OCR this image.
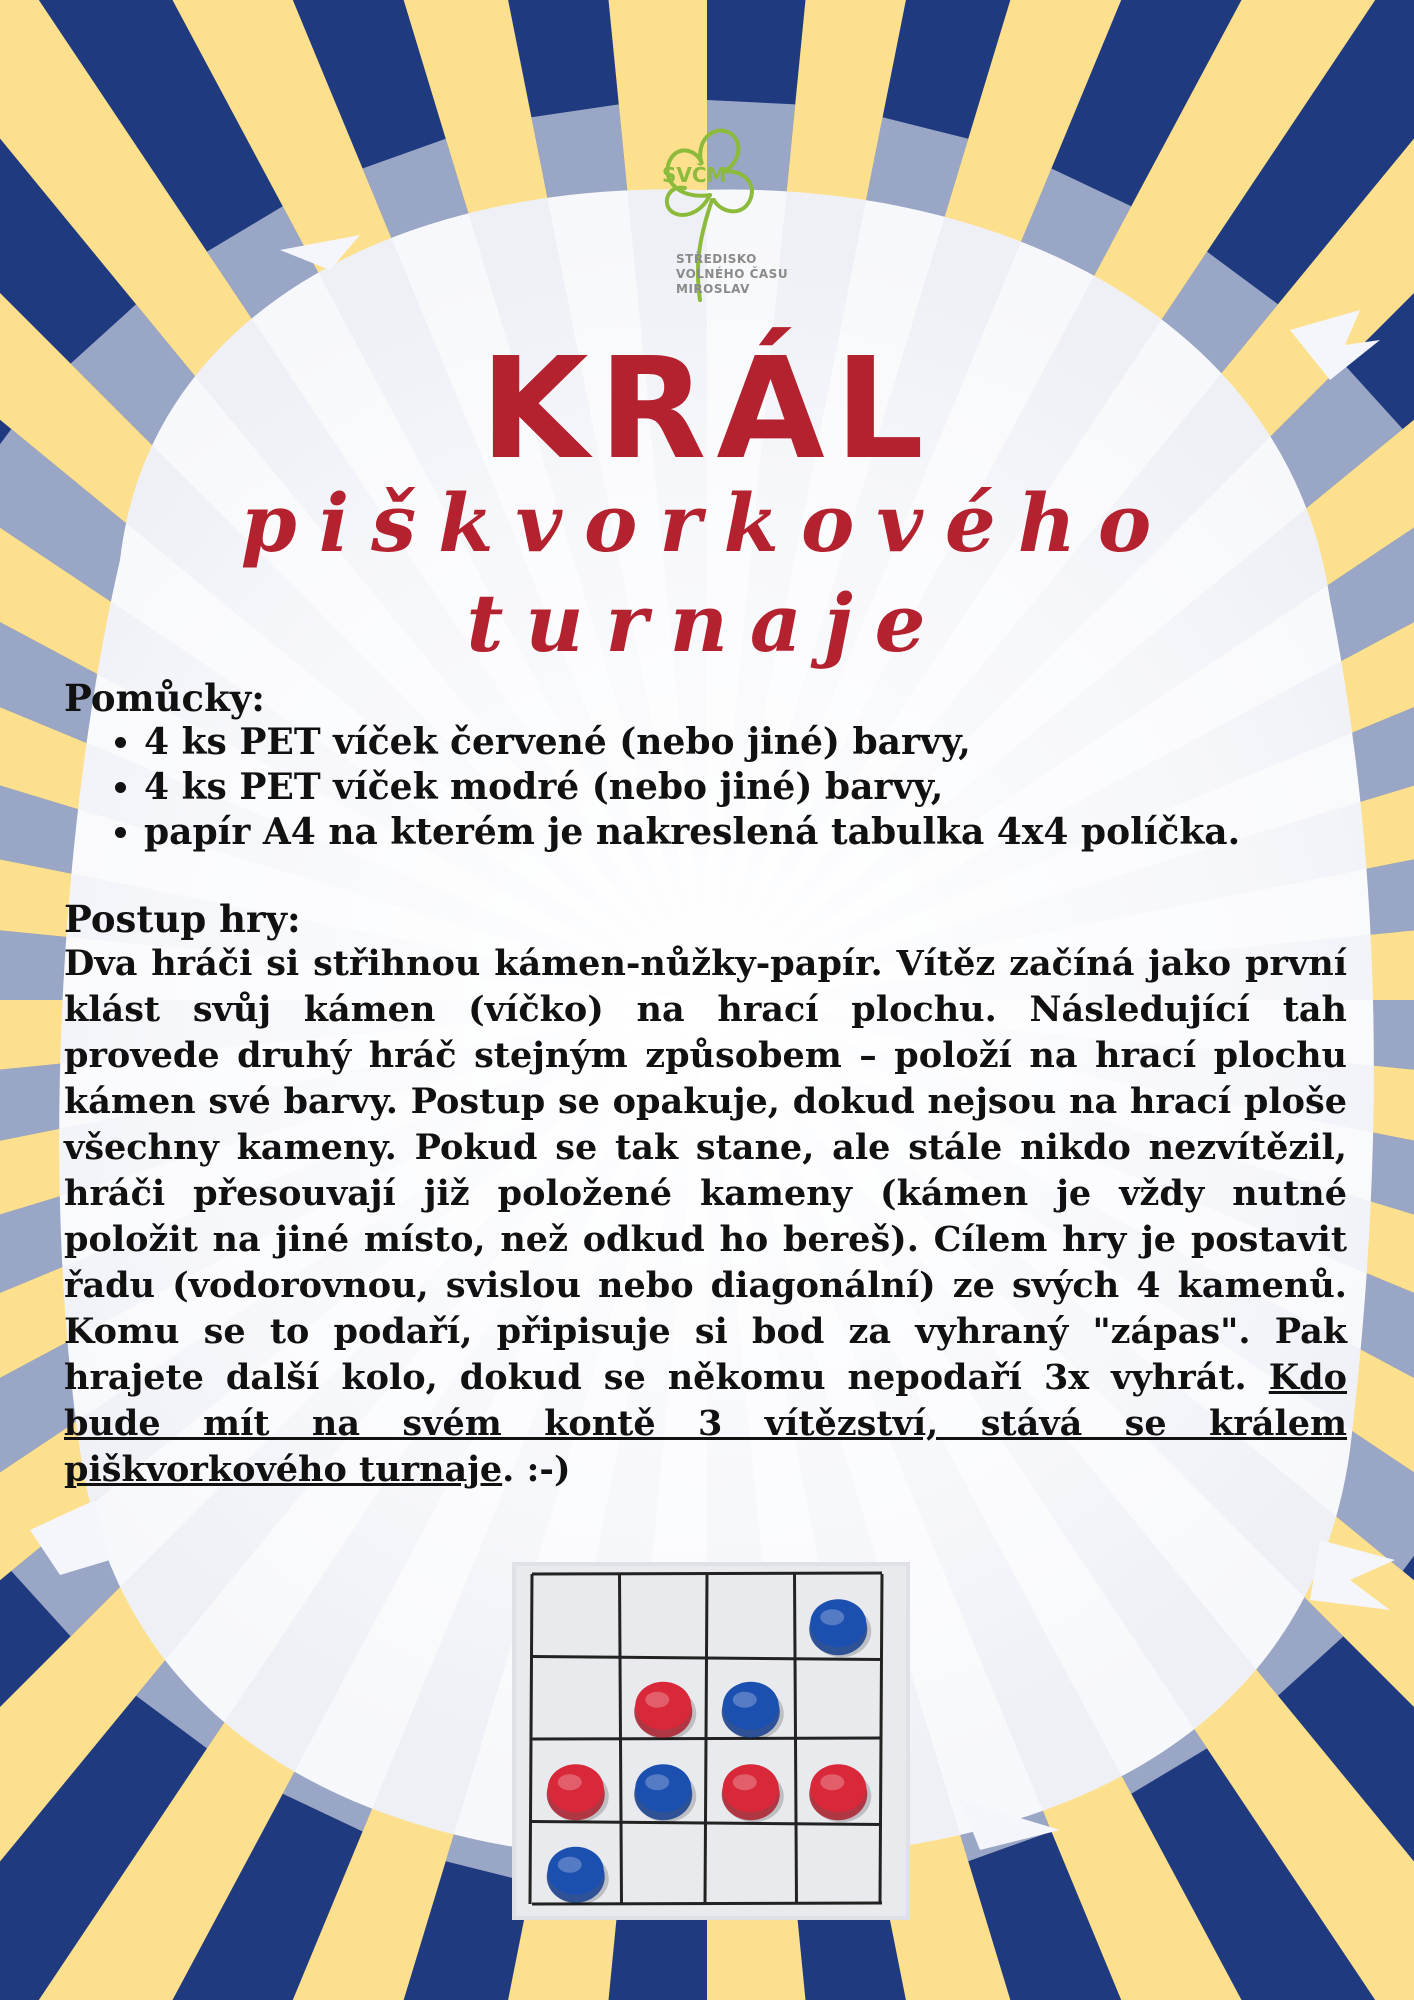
SVČM
STŘEDISKO
VOLNÉHO ČASU
MIROSLAV
KRÁL
piškvorkového
turnaje

Pomůcky:

• 4 ks PET víček červené (nebo jiné) barvy,
• 4 ks PET víček modré (nebo jiné) barvy,
• papír A4 na kterém je nakreslená tabulka 4x4 políčka.

Postup hry:

Dva hráči si střihnou kámen-nůžky-papír. Vítěz začíná jako první klást svůj kámen (víčko) na hrací plochu. Následující tah provede druhý hráč stejným způsobem – položí na hrací plochu kámen své barvy. Postup se opakuje, dokud nejsou na hrací ploše všechny kameny. Pokud se tak stane, ale stále nikdo nezvítězil, hráči přesouvají již položené kameny (kámen je vždy nutné položit na jiné místo, než odkud ho bereš). Cílem hry je postavit řadu (vodorovnou, svislou nebo diagonální) ze svých 4 kamenů. Komu se to podaří, připisuje si bod za vyhraný "zápas". Pak hrajete další kolo, dokud se někomu nepodaří 3x vyhrát. Kdo bude mít na svém kontě 3 vítězství, stává se králem piškvorkového turnaje. :-)
